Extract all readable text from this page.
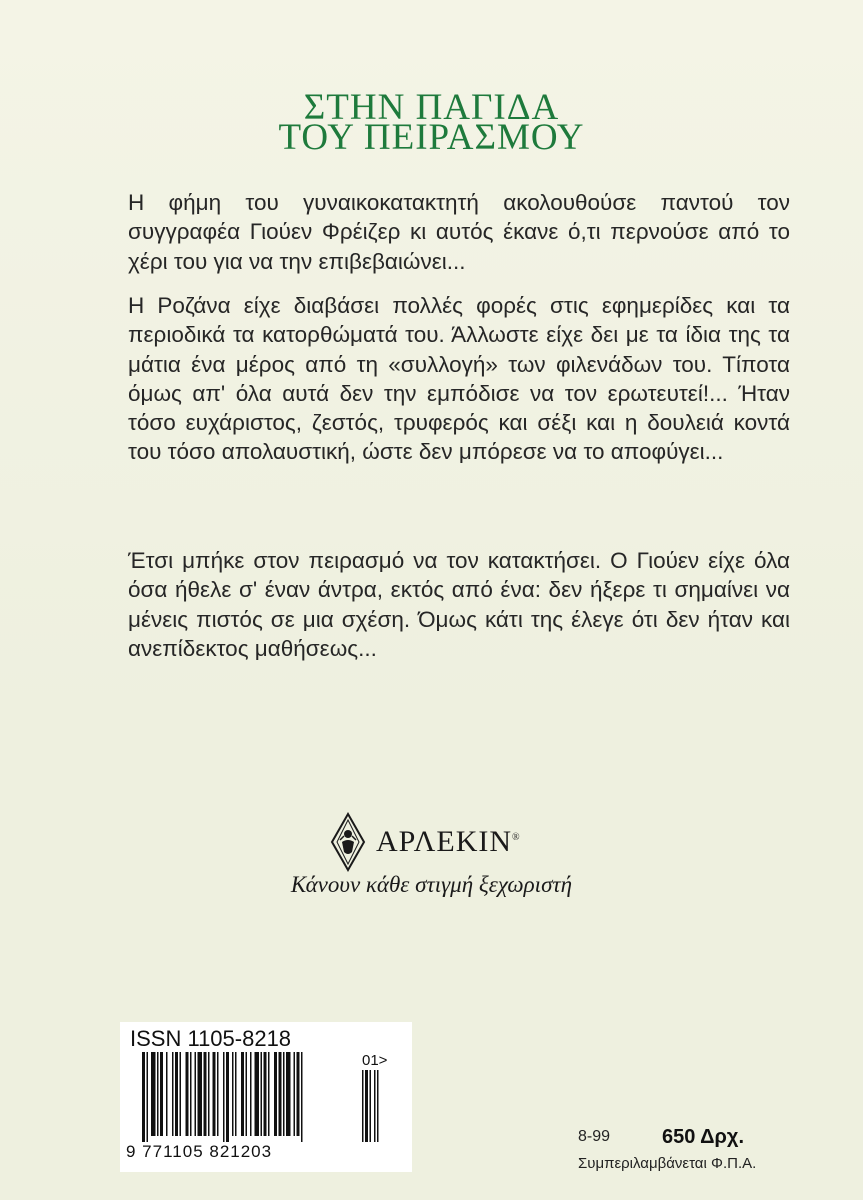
ΣΤΗΝ ΠΑΓΙΔΑ
ΤΟΥ ΠΕΙΡΑΣΜΟΥ

Η φήμη του γυναικοκατακτητή ακολουθούσε παντού τον συγγραφέα Γιούεν Φρέιζερ κι αυτός έκανε ό,τι περνούσε από το χέρι του για να την επιβεβαιώνει...

Η Ροζάνα είχε διαβάσει πολλές φορές στις εφημερίδες και τα περιοδικά τα κατορθώματά του. Άλλωστε είχε δει με τα ίδια της τα μάτια ένα μέρος από τη «συλλογή» των φιλενάδων του. Τίποτα όμως απ' όλα αυτά δεν την εμπόδισε να τον ερωτευτεί!... Ήταν τόσο ευχάριστος, ζεστός, τρυφερός και σέξι και η δουλειά κοντά του τόσο απολαυστική, ώστε δεν μπόρεσε να το αποφύγει...

Έτσι μπήκε στον πειρασμό να τον κατακτήσει. Ο Γιούεν είχε όλα όσα ήθελε σ' έναν άντρα, εκτός από ένα: δεν ήξερε τι σημαίνει να μένεις πιστός σε μια σχέση. Όμως κάτι της έλεγε ότι δεν ήταν και ανεπίδεκτος μαθήσεως...

ΑΡΛΕΚΙΝ®
Κάνουν κάθε στιγμή ξεχωριστή
ISSN 1105-8218
01>
9 771105 821203
8-99	650 Δρχ.
Συμπεριλαμβάνεται Φ.Π.Α.
